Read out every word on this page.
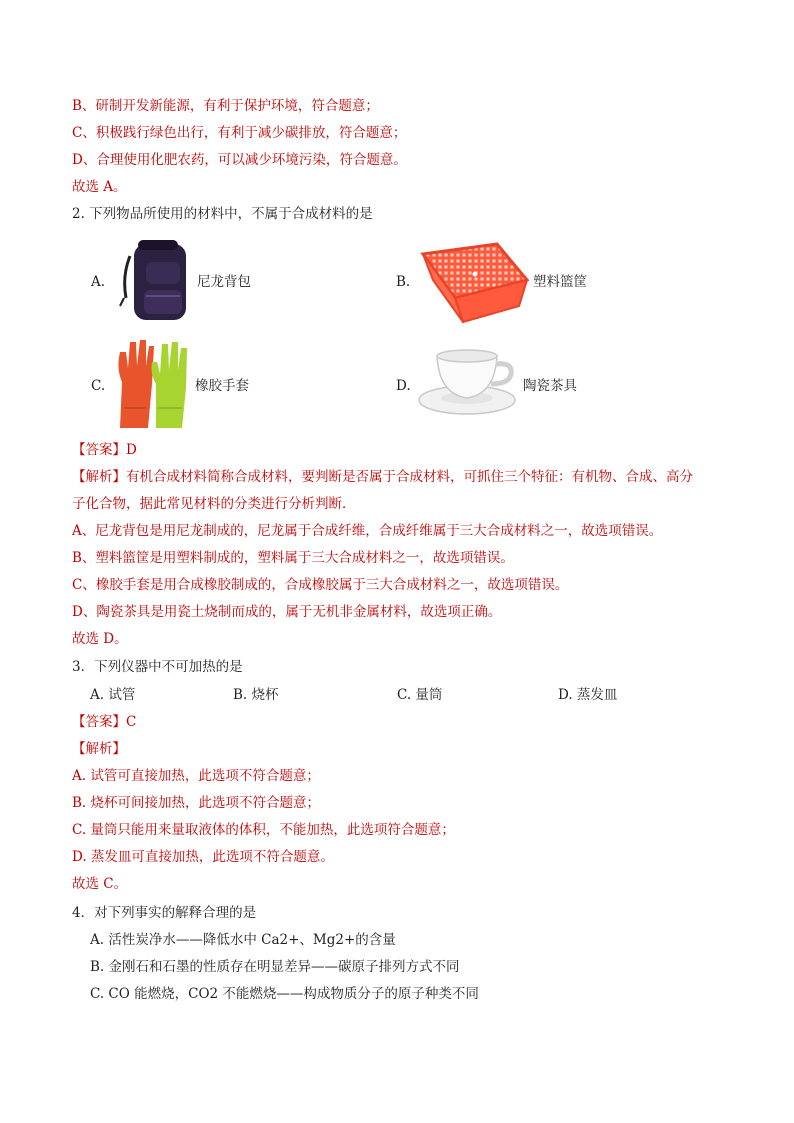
B、研制开发新能源，有利于保护环境，符合题意；
C、积极践行绿色出行，有利于减少碳排放，符合题意；
D、合理使用化肥农药，可以减少环境污染，符合题意。
故选 A。
2. 下列物品所使用的材料中，不属于合成材料的是
A.	尼龙背包	B.	塑料篮筐
C.	橡胶手套	D.	陶瓷茶具
【答案】D
【解析】有机合成材料简称合成材料，要判断是否属于合成材料，可抓住三个特征：有机物、合成、高分
子化合物，据此常见材料的分类进行分析判断．
A、尼龙背包是用尼龙制成的，尼龙属于合成纤维，合成纤维属于三大合成材料之一，故选项错误。
B、塑料篮筐是用塑料制成的，塑料属于三大合成材料之一，故选项错误。
C、橡胶手套是用合成橡胶制成的，合成橡胶属于三大合成材料之一，故选项错误。
D、陶瓷茶具是用瓷土烧制而成的，属于无机非金属材料，故选项正确。
故选 D。
3．下列仪器中不可加热的是
A. 试管	B. 烧杯	C. 量筒	D. 蒸发皿
【答案】C
【解析】
A. 试管可直接加热，此选项不符合题意；
B. 烧杯可间接加热，此选项不符合题意；
C. 量筒只能用来量取液体的体积，不能加热，此选项符合题意；
D. 蒸发皿可直接加热，此选项不符合题意。
故选 C。
4．对下列事实的解释合理的是
A. 活性炭净水——降低水中 Ca2+、Mg2+的含量
B. 金刚石和石墨的性质存在明显差异——碳原子排列方式不同
C. CO 能燃烧，CO2 不能燃烧——构成物质分子的原子种类不同
